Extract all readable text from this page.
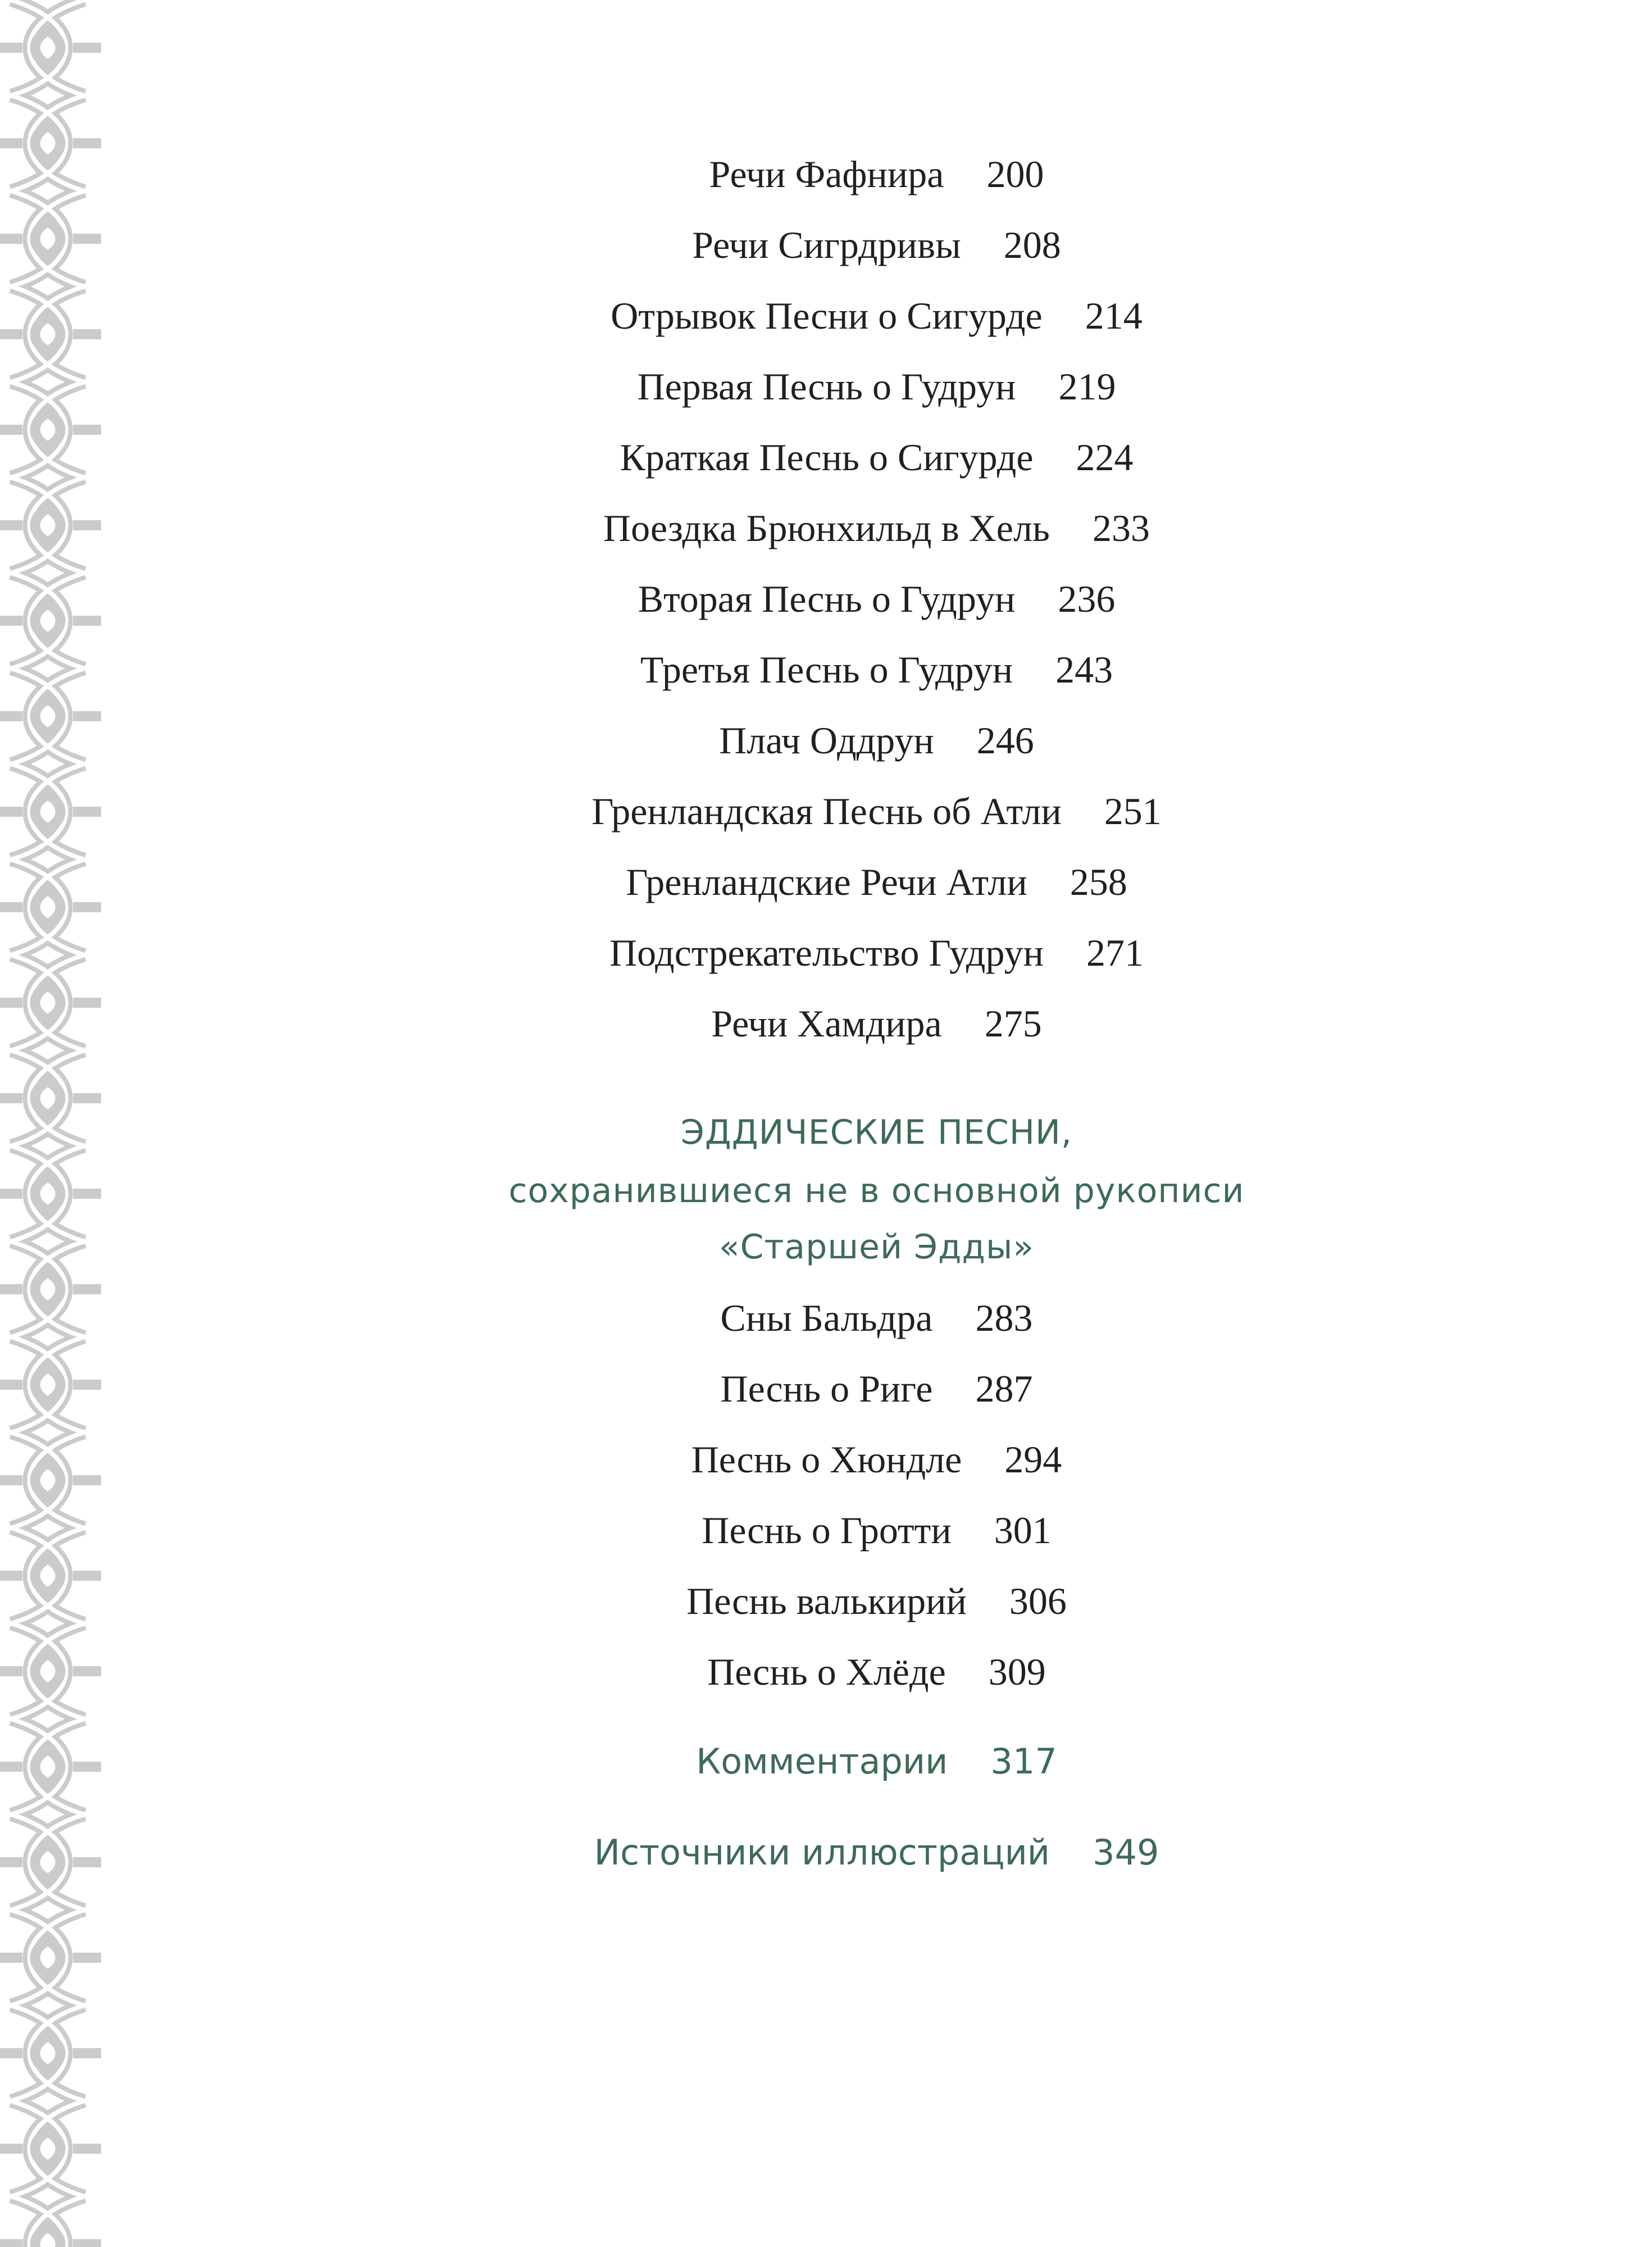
Речи Фафнира 200
Речи Сигрдривы 208
Отрывок Песни о Сигурде 214
Первая Песнь о Гудрун 219
Краткая Песнь о Сигурде 224
Поездка Брюнхильд в Хель 233
Вторая Песнь о Гудрун 236
Третья Песнь о Гудрун 243
Плач Оддрун 246
Гренландская Песнь об Атли 251
Гренландские Речи Атли 258
Подстрекательство Гудрун 271
Речи Хамдира 275
ЭДДИЧЕСКИЕ ПЕСНИ,
сохранившиеся не в основной рукописи
«Старшей Эдды»
Сны Бальдра 283
Песнь о Риге 287
Песнь о Хюндле 294
Песнь о Гротти 301
Песнь валькирий 306
Песнь о Хлёде 309
Комментарии 317
Источники иллюстраций 349
